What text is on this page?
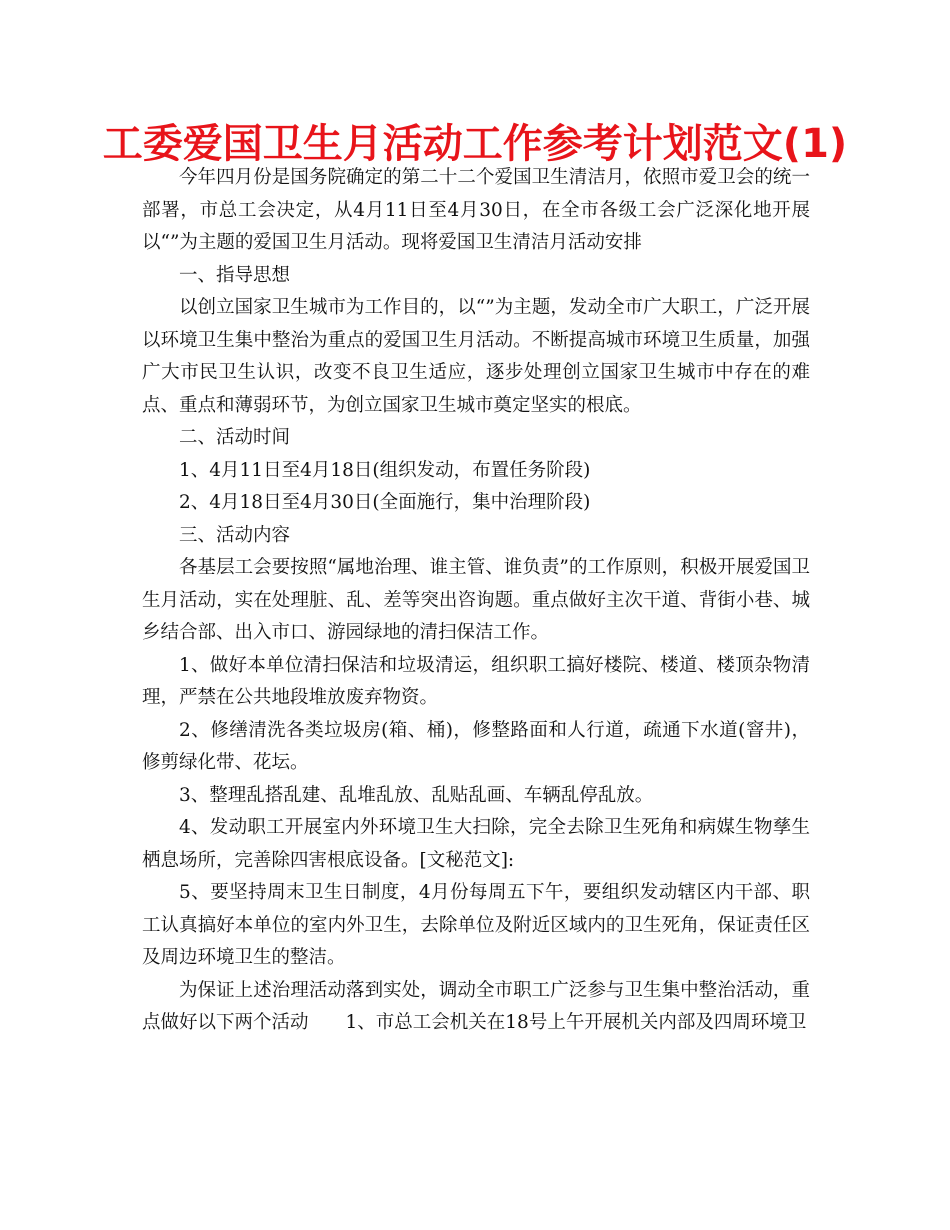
工委爱国卫生月活动工作参考计划范文(1)

今年四月份是国务院确定的第二十二个爱国卫生清洁月，依照市爱卫会的统一部署，市总工会决定，从4月11日至4月30日，在全市各级工会广泛深化地开展以“”为主题的爱国卫生月活动。现将爱国卫生清洁月活动安排

一、指导思想

以创立国家卫生城市为工作目的，以“”为主题，发动全市广大职工，广泛开展以环境卫生集中整治为重点的爱国卫生月活动。不断提高城市环境卫生质量，加强广大市民卫生认识，改变不良卫生适应，逐步处理创立国家卫生城市中存在的难点、重点和薄弱环节，为创立国家卫生城市奠定坚实的根底。

二、活动时间

1、4月11日至4月18日(组织发动，布置任务阶段)

2、4月18日至4月30日(全面施行，集中治理阶段)

三、活动内容

各基层工会要按照“属地治理、谁主管、谁负责”的工作原则，积极开展爱国卫生月活动，实在处理脏、乱、差等突出咨询题。重点做好主次干道、背街小巷、城乡结合部、出入市口、游园绿地的清扫保洁工作。

1、做好本单位清扫保洁和垃圾清运，组织职工搞好楼院、楼道、楼顶杂物清理，严禁在公共地段堆放废弃物资。

2、修缮清洗各类垃圾房(箱、桶)，修整路面和人行道，疏通下水道(窨井)，修剪绿化带、花坛。

3、整理乱搭乱建、乱堆乱放、乱贴乱画、车辆乱停乱放。

4、发动职工开展室内外环境卫生大扫除，完全去除卫生死角和病媒生物孳生栖息场所，完善除四害根底设备。[文秘范文]:

5、要坚持周末卫生日制度，4月份每周五下午，要组织发动辖区内干部、职工认真搞好本单位的室内外卫生，去除单位及附近区域内的卫生死角，保证责任区及周边环境卫生的整洁。

为保证上述治理活动落到实处，调动全市职工广泛参与卫生集中整治活动，重点做好以下两个活动　　1、市总工会机关在18号上午开展机关内部及四周环境卫
